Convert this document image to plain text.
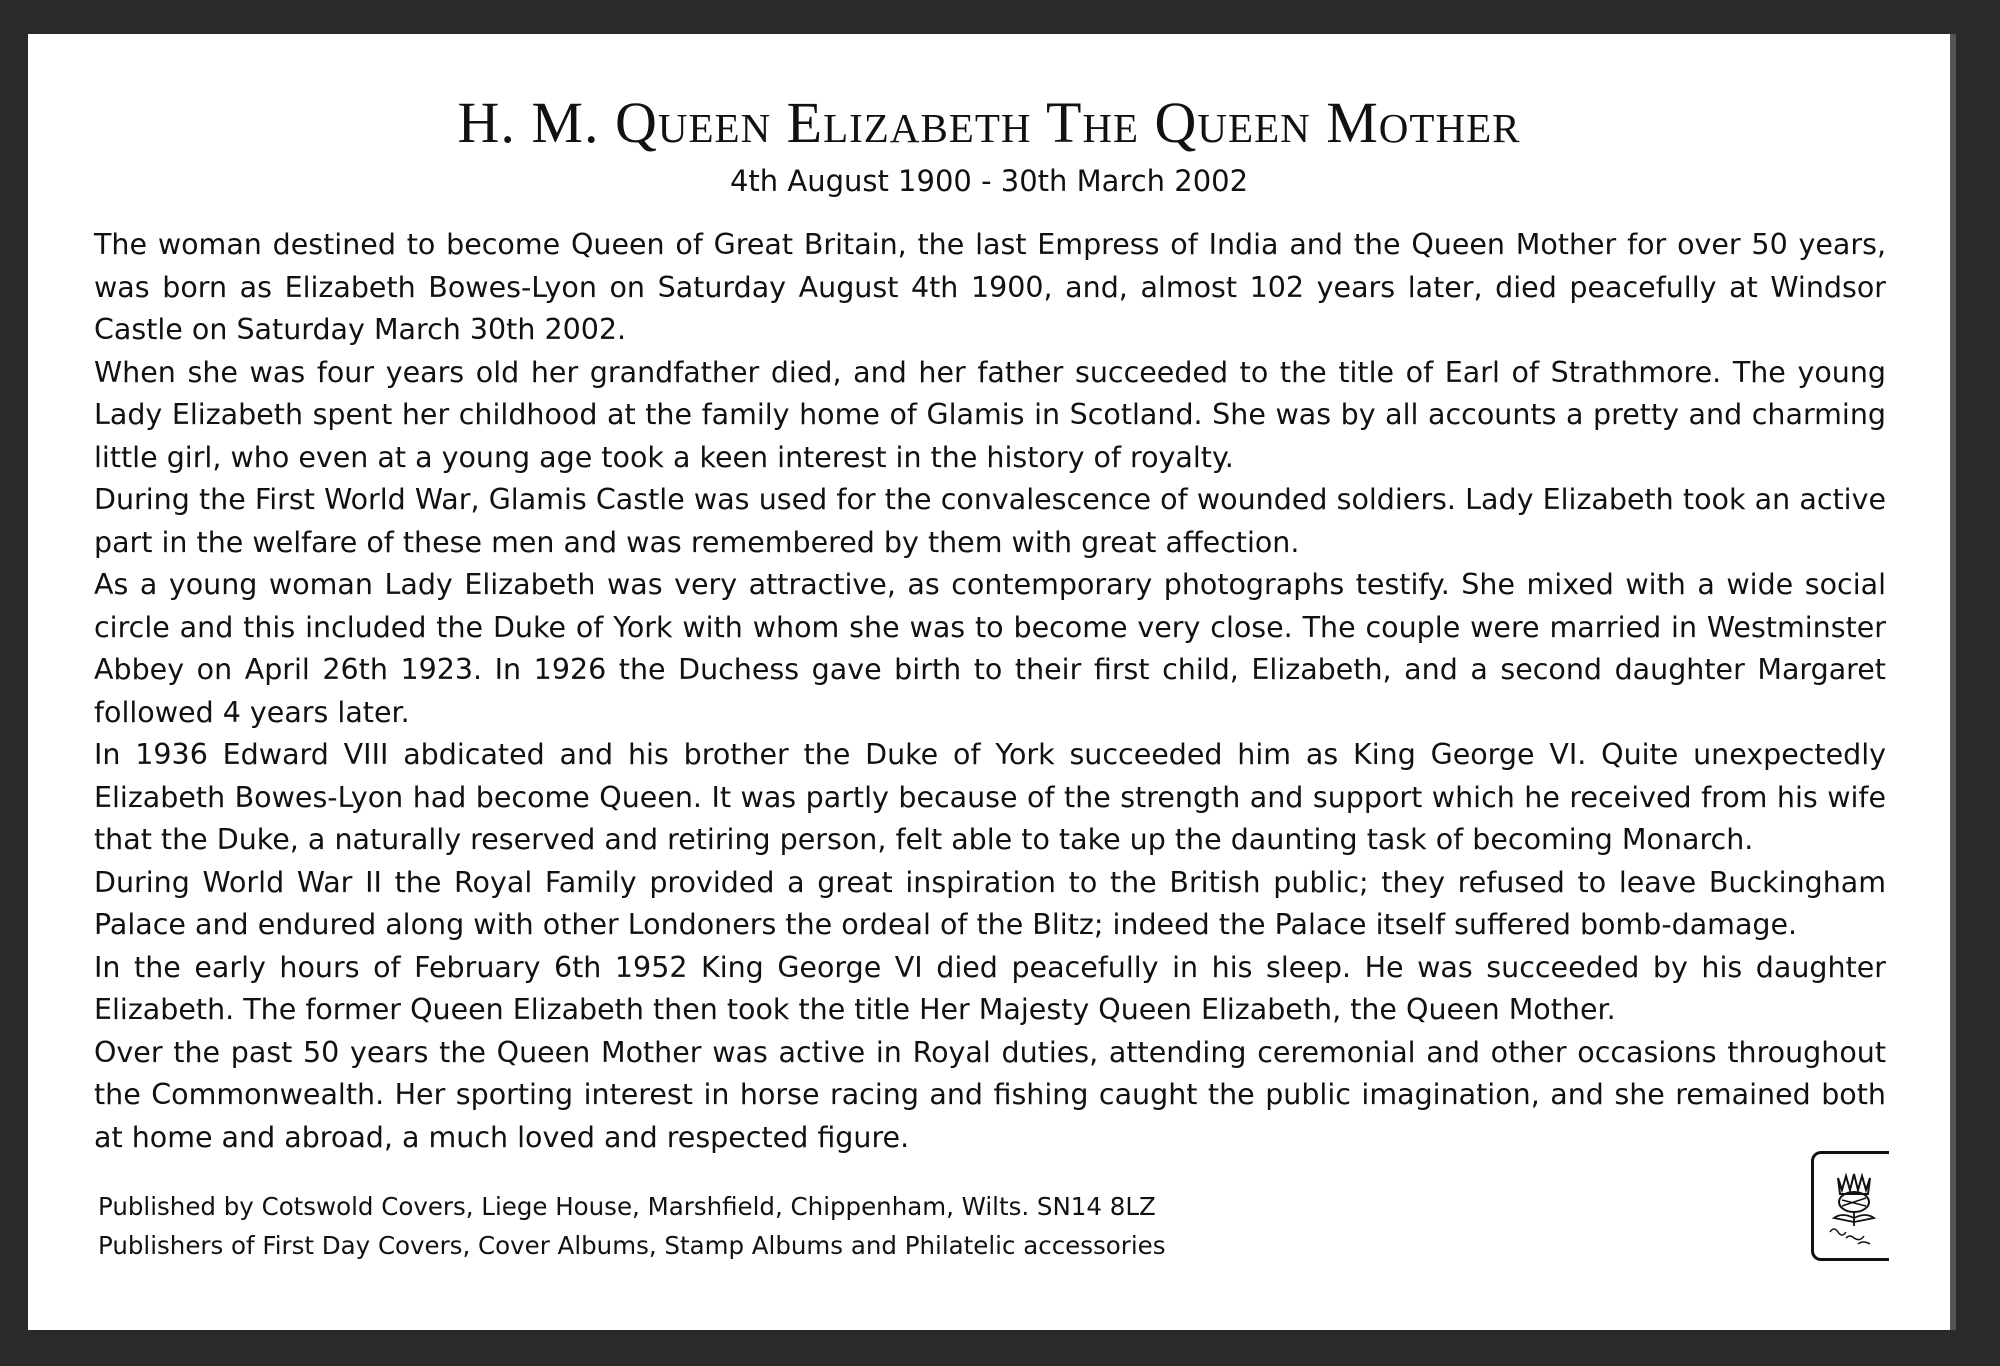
H. M. Queen Elizabeth The Queen Mother
4th August 1900 - 30th March 2002

The woman destined to become Queen of Great Britain, the last Empress of India and the Queen Mother for over 50 years, was born as Elizabeth Bowes-Lyon on Saturday August 4th 1900, and, almost 102 years later, died peacefully at Windsor Castle on Saturday March 30th 2002.

When she was four years old her grandfather died, and her father succeeded to the title of Earl of Strathmore. The young Lady Elizabeth spent her childhood at the family home of Glamis in Scotland. She was by all accounts a pretty and charming little girl, who even at a young age took a keen interest in the history of royalty.

During the First World War, Glamis Castle was used for the convalescence of wounded soldiers. Lady Elizabeth took an active part in the welfare of these men and was remembered by them with great affection.

As a young woman Lady Elizabeth was very attractive, as contemporary photographs testify. She mixed with a wide social circle and this included the Duke of York with whom she was to become very close. The couple were married in Westminster Abbey on April 26th 1923. In 1926 the Duchess gave birth to their first child, Elizabeth, and a second daughter Margaret followed 4 years later.

In 1936 Edward VIII abdicated and his brother the Duke of York succeeded him as King George VI. Quite unexpectedly Elizabeth Bowes-Lyon had become Queen. It was partly because of the strength and support which he received from his wife that the Duke, a naturally reserved and retiring person, felt able to take up the daunting task of becoming Monarch.

During World War II the Royal Family provided a great inspiration to the British public; they refused to leave Buckingham Palace and endured along with other Londoners the ordeal of the Blitz; indeed the Palace itself suffered bomb-damage.

In the early hours of February 6th 1952 King George VI died peacefully in his sleep. He was succeeded by his daughter Elizabeth. The former Queen Elizabeth then took the title Her Majesty Queen Elizabeth, the Queen Mother.

Over the past 50 years the Queen Mother was active in Royal duties, attending ceremonial and other occasions throughout the Commonwealth. Her sporting interest in horse racing and fishing caught the public imagination, and she remained both at home and abroad, a much loved and respected figure.

Published by Cotswold Covers, Liege House, Marshfield, Chippenham, Wilts. SN14 8LZ
Publishers of First Day Covers, Cover Albums, Stamp Albums and Philatelic accessories
